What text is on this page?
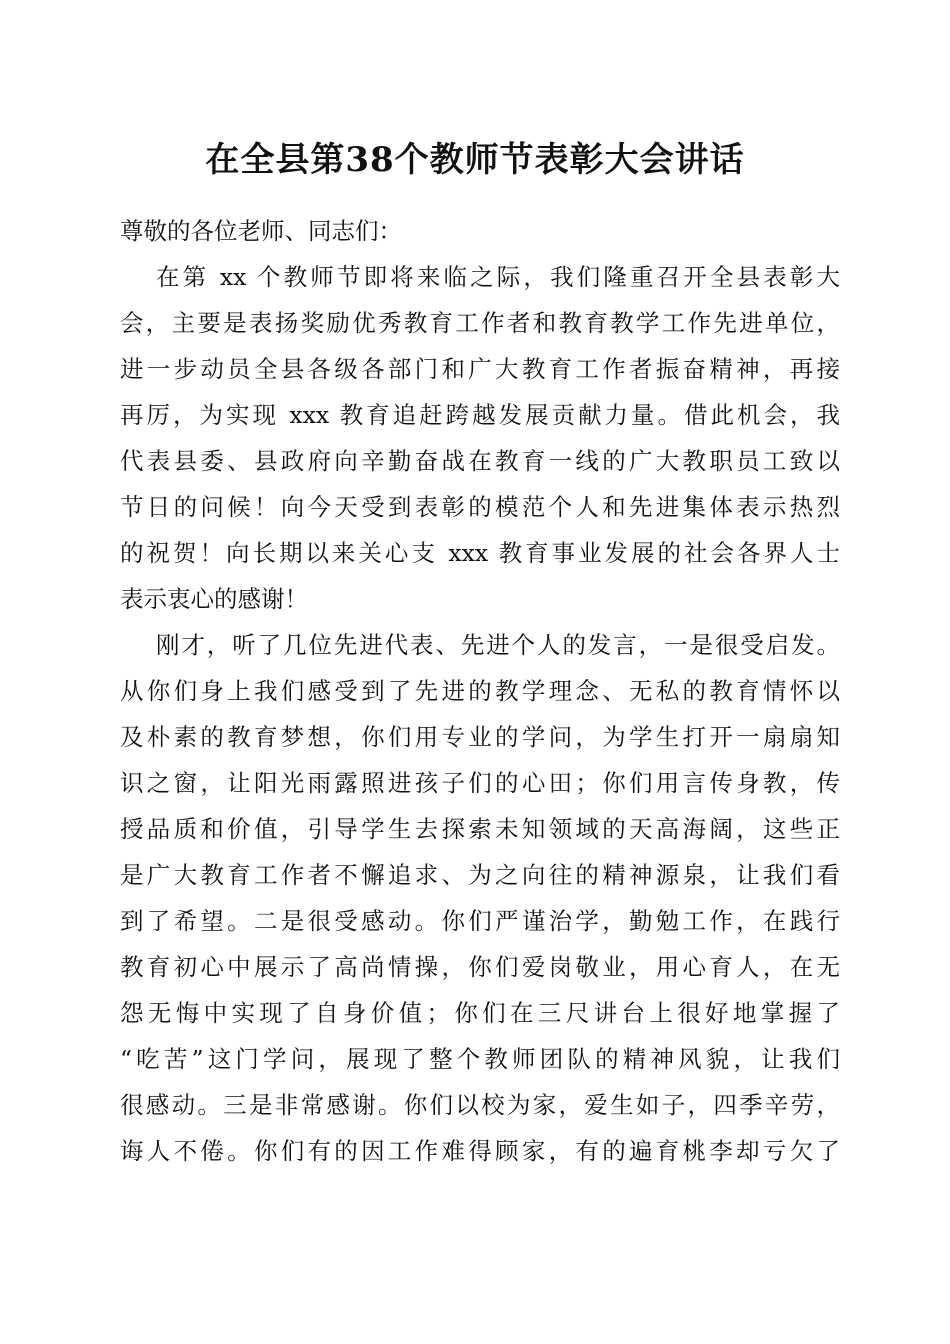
在全县第38个教师节表彰大会讲话
尊敬的各位老师、同志们：
在第 xx 个教师节即将来临之际，我们隆重召开全县表彰大
会，主要是表扬奖励优秀教育工作者和教育教学工作先进单位，
进一步动员全县各级各部门和广大教育工作者振奋精神，再接
再厉，为实现 xxx 教育追赶跨越发展贡献力量。借此机会，我
代表县委、县政府向辛勤奋战在教育一线的广大教职员工致以
节日的问候！向今天受到表彰的模范个人和先进集体表示热烈
的祝贺！向长期以来关心支 xxx 教育事业发展的社会各界人士
表示衷心的感谢！
刚才，听了几位先进代表、先进个人的发言，一是很受启发。
从你们身上我们感受到了先进的教学理念、无私的教育情怀以
及朴素的教育梦想，你们用专业的学问，为学生打开一扇扇知
识之窗，让阳光雨露照进孩子们的心田；你们用言传身教，传
授品质和价值，引导学生去探索未知领域的天高海阔，这些正
是广大教育工作者不懈追求、为之向往的精神源泉，让我们看
到了希望。二是很受感动。你们严谨治学，勤勉工作，在践行
教育初心中展示了高尚情操，你们爱岗敬业，用心育人，在无
怨无悔中实现了自身价值；你们在三尺讲台上很好地掌握了
“吃苦”这门学问，展现了整个教师团队的精神风貌，让我们
很感动。三是非常感谢。你们以校为家，爱生如子，四季辛劳，
诲人不倦。你们有的因工作难得顾家，有的遍育桃李却亏欠了
